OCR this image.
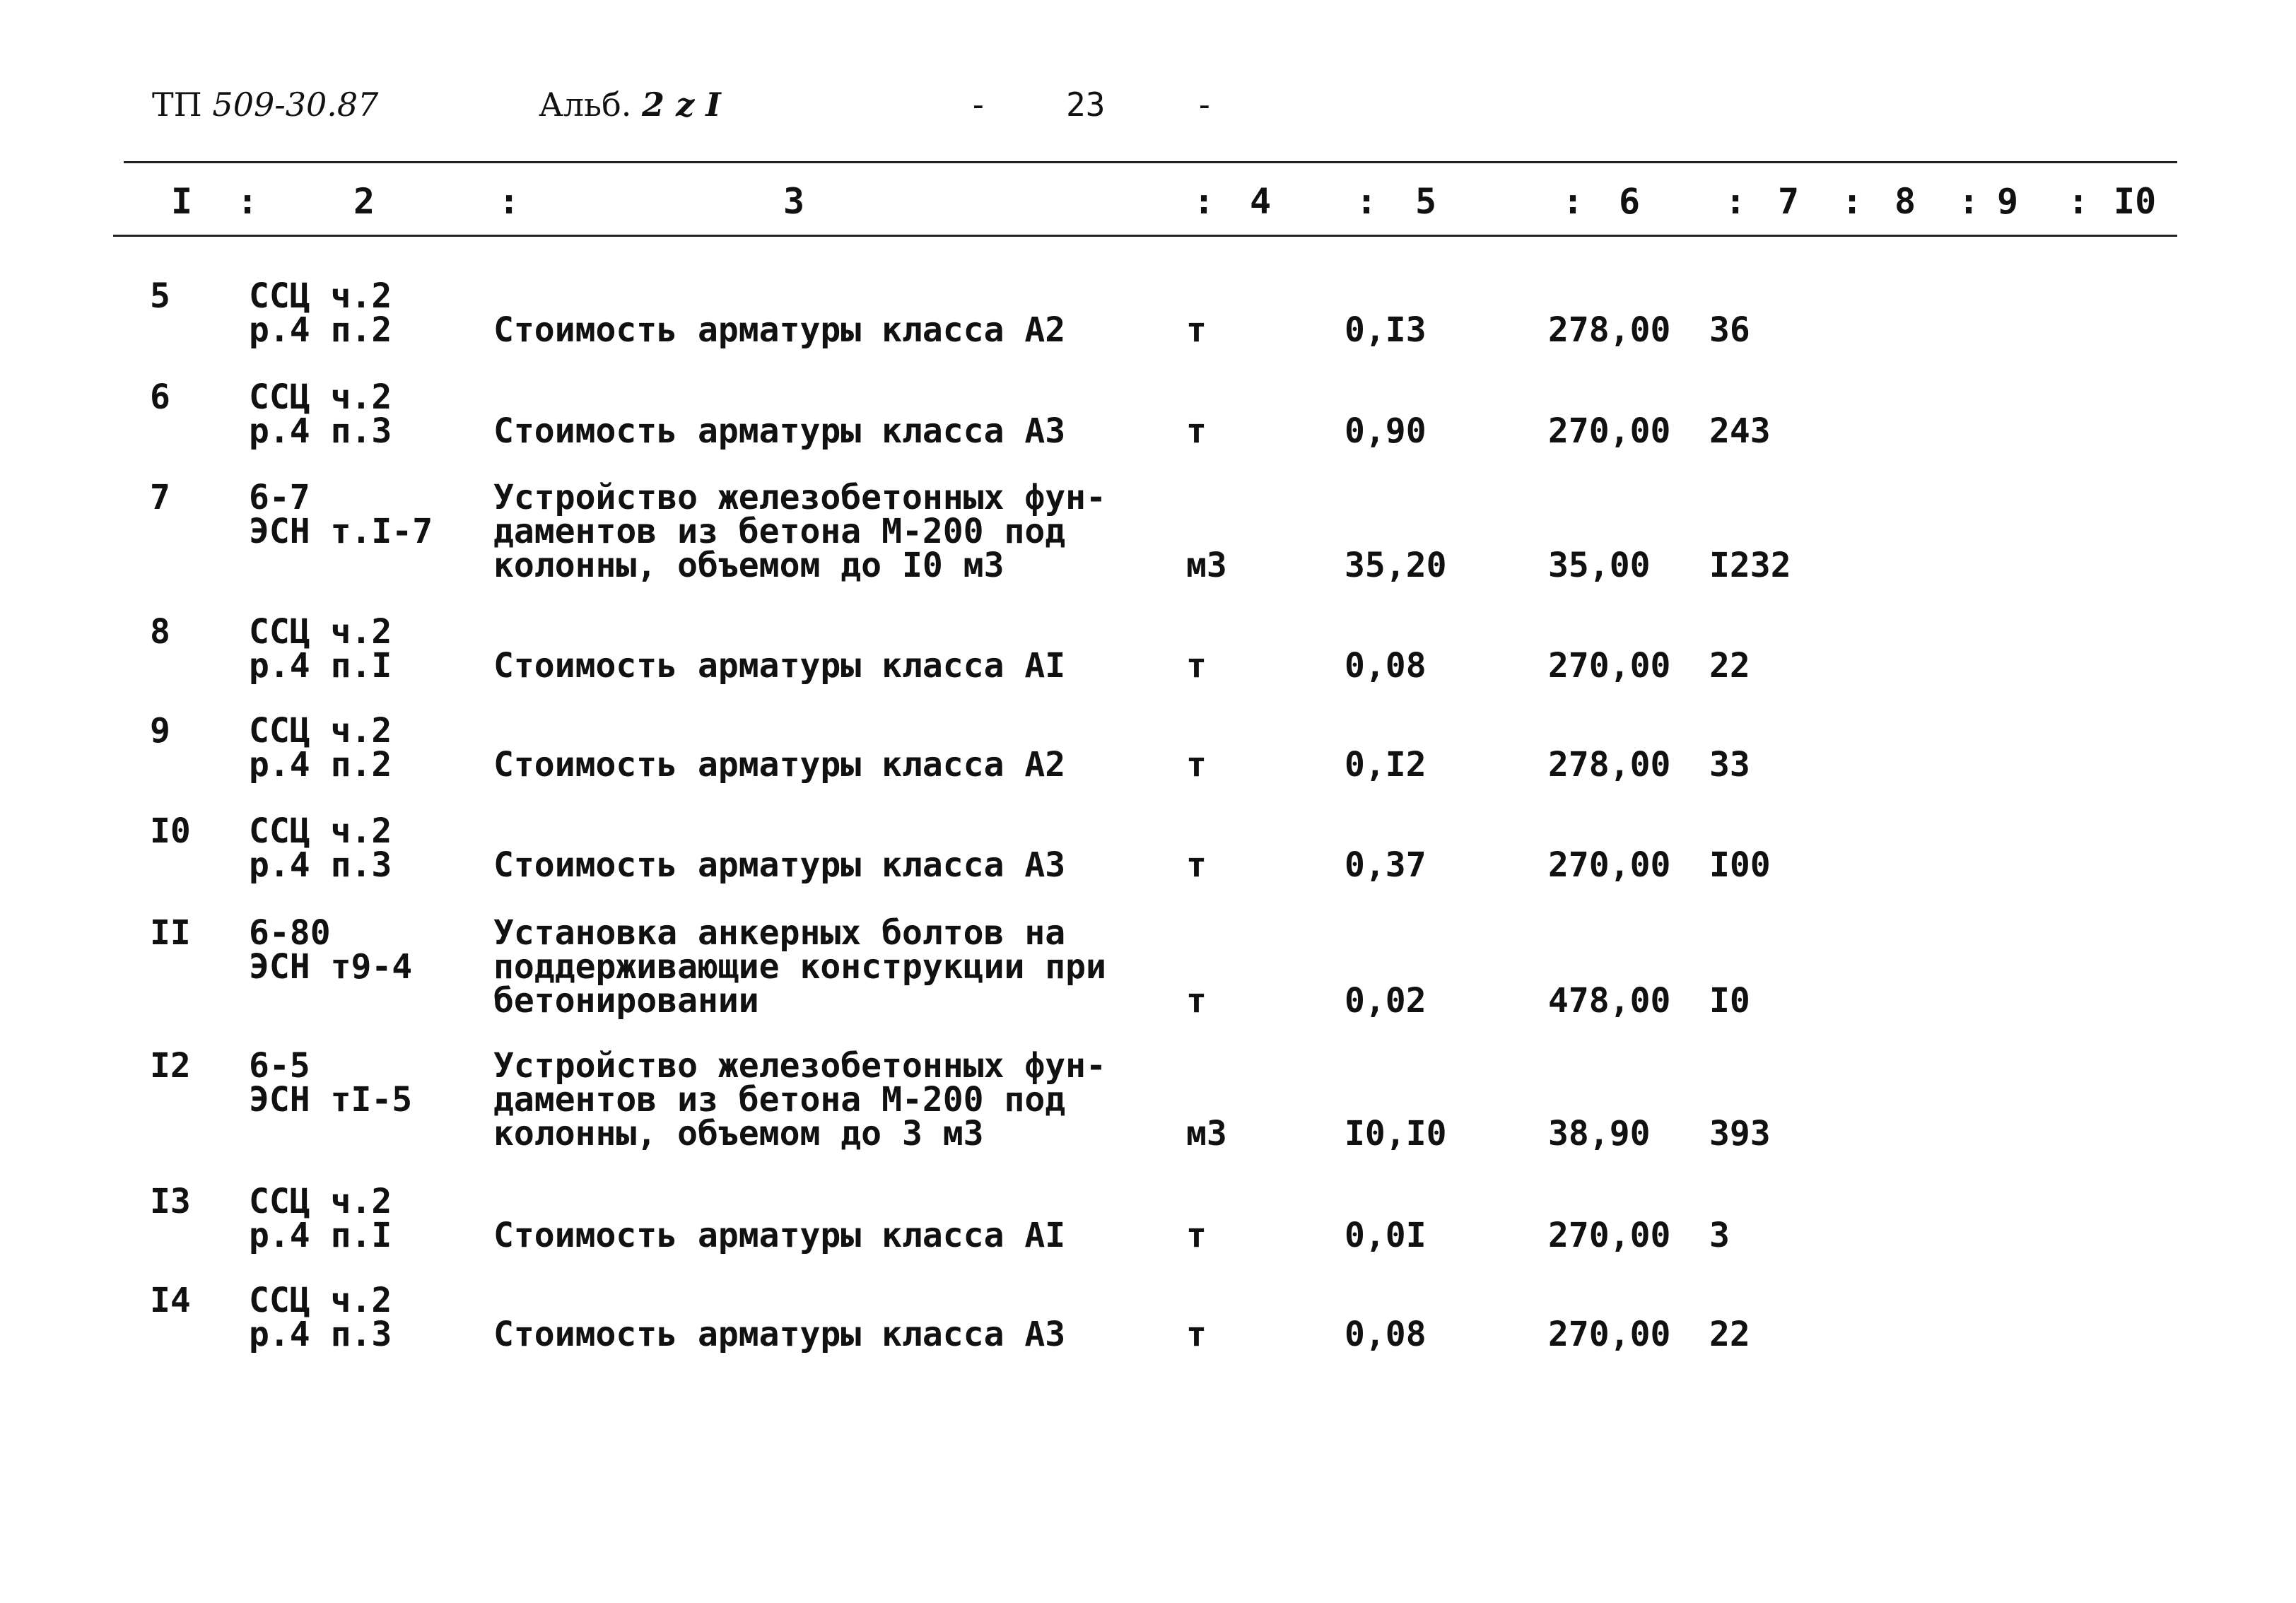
ТП 509-30.87	Альб. 2 z I	- 23	-
I :	2	:	3	: 4 : 5	: 6 : 7 : 8 : 9 : I0
5 ССЦ ч.2
р.4 п.2	Стоимость арматуры класса А2	т	0,I3	278,00 36
6 ССЦ ч.2
р.4 п.3	Стоимость арматуры класса А3	т	0,90	270,00 243
7 6-7
ЭСН т.I-7
Устройство железобетонных фун-
даментов из бетона М-200 под
колонны, объемом до I0 м3	м3	35,20	35,00 I232
8 ССЦ ч.2
р.4 п.I	Стоимость арматуры класса АI	т	0,08	270,00 22
9 ССЦ ч.2
р.4 п.2	Стоимость арматуры класса А2	т	0,I2	278,00 33
I0 ССЦ ч.2
р.4 п.3	Стоимость арматуры класса А3	т	0,37	270,00 I00
II 6-80
ЭСН т9-4
Установка анкерных болтов на
поддерживающие конструкции при
бетонировании	т	0,02	478,00 I0
I2 6-5
ЭСН тI-5
Устройство железобетонных фун-
даментов из бетона М-200 под
колонны, объемом до 3 м3	м3	I0,I0	38,90 393
I3 ССЦ ч.2
р.4 п.I	Стоимость арматуры класса АI	т	0,0I	270,00 3
I4 ССЦ ч.2
р.4 п.3	Стоимость арматуры класса А3	т	0,08	270,00 22
